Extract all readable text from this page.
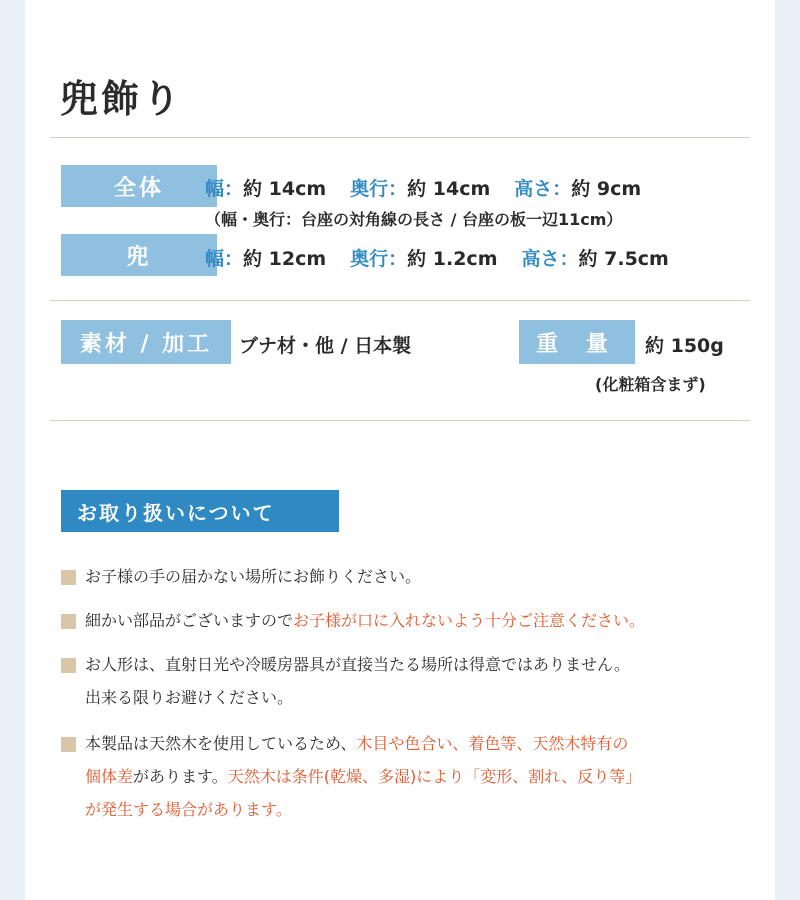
兜飾り
全体	幅：約 14cm 奥行：約 14cm 高さ：約 9cm
（幅・奥行：台座の対角線の長さ / 台座の板一辺11cm）
兜	幅：約 12cm 奥行：約 1.2cm 高さ：約 7.5cm
素材 / 加工	ブナ材・他 / 日本製	重 量	約 150g
(化粧箱含まず)
お取り扱いについて
お子様の手の届かない場所にお飾りください。
細かい部品がございますのでお子様が口に入れないよう十分ご注意ください。
お人形は、直射日光や冷暖房器具が直接当たる場所は得意ではありません。
出来る限りお避けください。
本製品は天然木を使用しているため、木目や色合い、着色等、天然木特有の
個体差があります。天然木は条件(乾燥、多湿)により「変形、割れ、反り等」
が発生する場合があります。
